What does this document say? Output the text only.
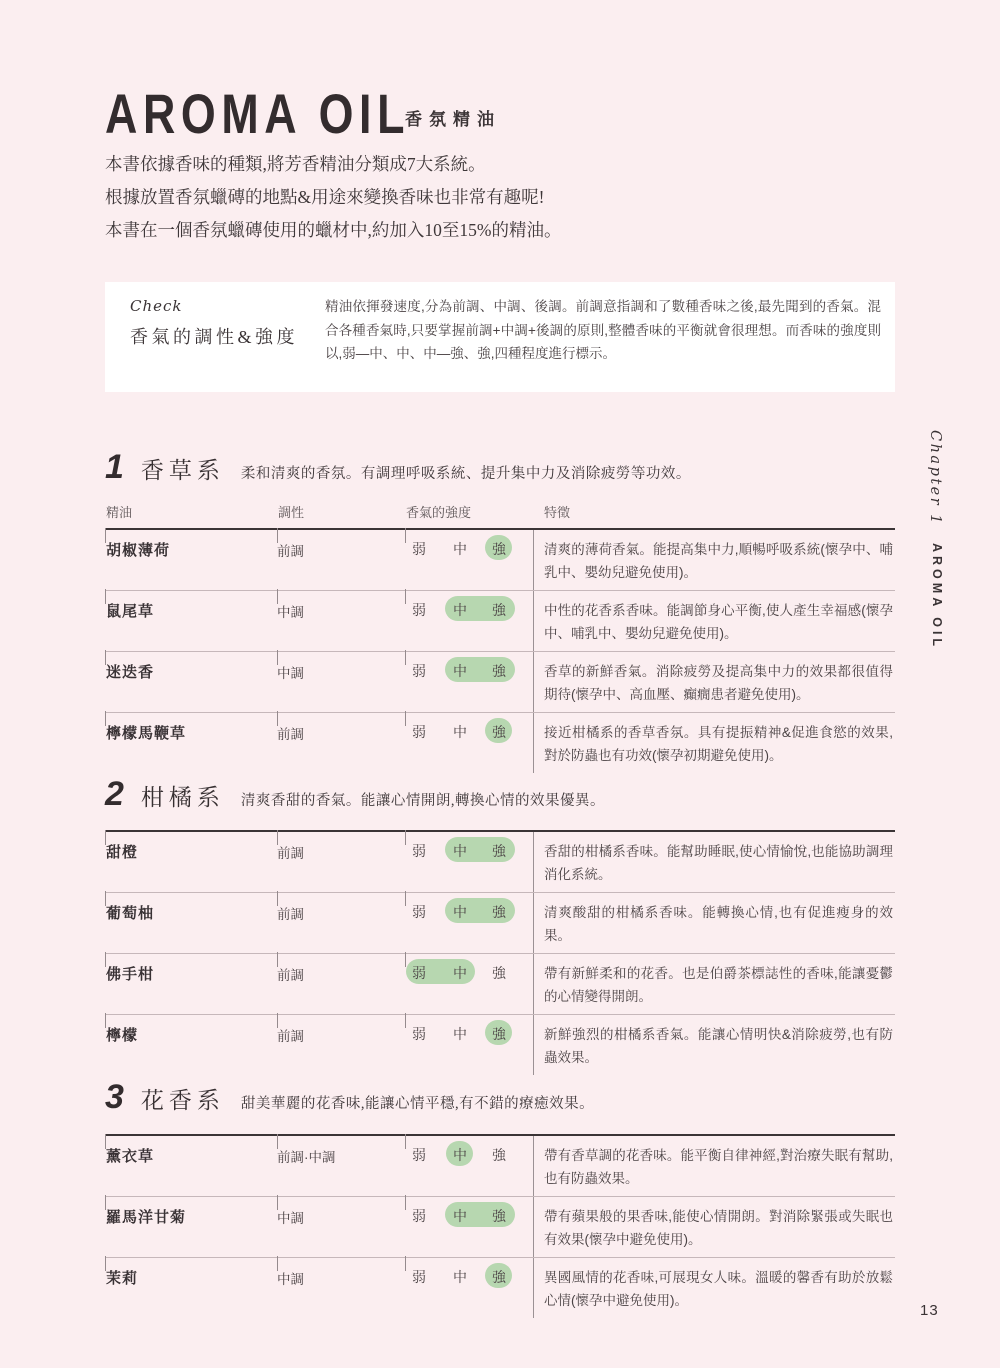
AROMA OIL
香氛精油
本書依據香味的種類,將芳香精油分類成7大系統。
根據放置香氛蠟磚的地點&用途來變換香味也非常有趣呢!
本書在一個香氛蠟磚使用的蠟材中,約加入10至15%的精油。
Check
香氣的調性&強度
精油依揮發速度,分為前調、中調、後調。前調意指調和了數種香味之後,最先聞到的香氣。混合各種香氣時,只要掌握前調+中調+後調的原則,整體香味的平衡就會很理想。而香味的強度則以,弱—中、中、中—強、強,四種程度進行標示。
1 香草系 柔和清爽的香氛。有調理呼吸系統、提升集中力及消除疲勞等功效。
精油	調性	香氣的強度	特徵
胡椒薄荷	前調	弱 中 強	清爽的薄荷香氣。能提高集中力,順暢呼吸系統(懷孕中、哺乳中、嬰幼兒避免使用)。
鼠尾草	中調	弱 中 強	中性的花香系香味。能調節身心平衡,使人產生幸福感(懷孕中、哺乳中、嬰幼兒避免使用)。
迷迭香	中調	弱 中 強	香草的新鮮香氣。消除疲勞及提高集中力的效果都很值得期待(懷孕中、高血壓、癲癇患者避免使用)。
檸檬馬鞭草	前調	弱 中 強	接近柑橘系的香草香氛。具有提振精神&促進食慾的效果,對於防蟲也有功效(懷孕初期避免使用)。
2 柑橘系 清爽香甜的香氣。能讓心情開朗,轉換心情的效果優異。
甜橙	前調	弱 中 強	香甜的柑橘系香味。能幫助睡眠,使心情愉悅,也能協助調理消化系統。
葡萄柚	前調	弱 中 強	清爽酸甜的柑橘系香味。能轉換心情,也有促進瘦身的效果。
佛手柑	前調	弱 中 強	帶有新鮮柔和的花香。也是伯爵茶標誌性的香味,能讓憂鬱的心情變得開朗。
檸檬	前調	弱 中 強	新鮮強烈的柑橘系香氣。能讓心情明快&消除疲勞,也有防蟲效果。
3 花香系 甜美華麗的花香味,能讓心情平穩,有不錯的療癒效果。
薰衣草	前調·中調	弱 中 強	帶有香草調的花香味。能平衡自律神經,對治療失眠有幫助,也有防蟲效果。
羅馬洋甘菊	中調	弱 中 強	帶有蘋果般的果香味,能使心情開朗。對消除緊張或失眠也有效果(懷孕中避免使用)。
茉莉	中調	弱 中 強	異國風情的花香味,可展現女人味。溫暖的馨香有助於放鬆心情(懷孕中避免使用)。
Chapter 1
AROMA OIL
13
